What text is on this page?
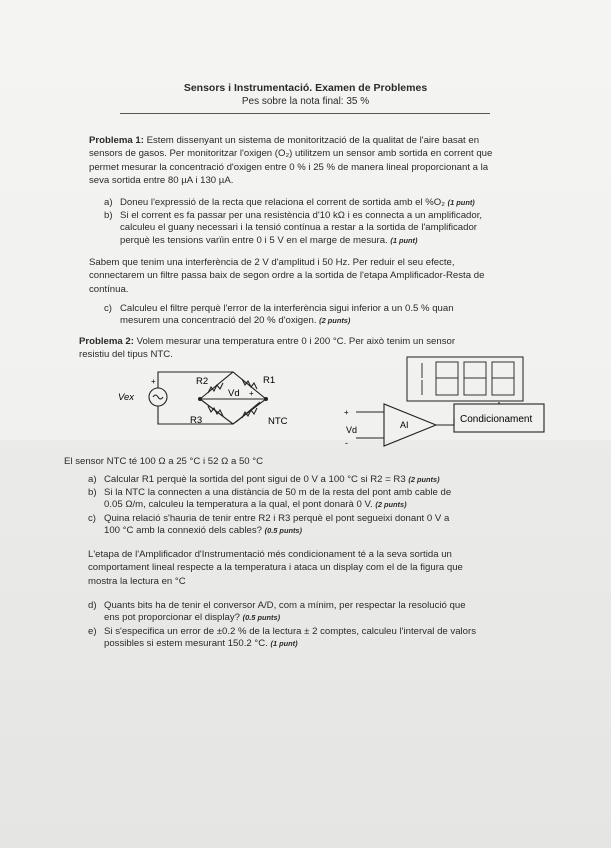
Sensors i Instrumentació. Examen de Problemes
Pes sobre la nota final: 35 %
Problema 1: Estem dissenyant un sistema de monitorització de la qualitat de l'aire basat en
sensors de gasos. Per monitoritzar l'oxigen (O₂) utilitzem un sensor amb sortida en corrent que
permet mesurar la concentració d'oxigen entre 0 % i 25 % de manera lineal proporcionant a la
seva sortida entre 80 µA i 130 µA.
a) Doneu l'expressió de la recta que relaciona el corrent de sortida amb el %O₂ (1 punt)
b) Si el corrent es fa passar per una resistència d'10 kΩ i es connecta a un amplificador,
calculeu el guany necessari i la tensió contínua a restar a la sortida de l'amplificador
perquè les tensions varïin entre 0 i 5 V en el marge de mesura. (1 punt)
Sabem que tenim una interferència de 2 V d'amplitud i 50 Hz. Per reduir el seu efecte,
connectarem un filtre passa baix de segon ordre a la sortida de l'etapa Amplificador-Resta de
contínua.
c) Calculeu el filtre perquè l'error de la interferència sigui inferior a un 0.5 % quan
mesurem una concentració del 20 % d'oxigen. (2 punts)
Problema 2: Volem mesurar una temperatura entre 0 i 200 °C. Per això tenim un sensor
resistiu del tipus NTC.
+
Vex
R2	R1
R3	NTC
Vd +
+
-
Vd	AI	Condicionament
El sensor NTC té 100 Ω a 25 °C i 52 Ω a 50 °C
a) Calcular R1 perquè la sortida del pont sigui de 0 V a 100 °C si R2 = R3 (2 punts)
b) Si la NTC la connecten a una distància de 50 m de la resta del pont amb cable de
0.05 Ω/m, calculeu la temperatura a la qual, el pont donarà 0 V. (2 punts)
c) Quina relació s'hauria de tenir entre R2 i R3 perquè el pont segueixi donant 0 V a
100 °C amb la connexió dels cables? (0.5 punts)
L'etapa de l'Amplificador d'Instrumentació més condicionament té a la seva sortida un
comportament lineal respecte a la temperatura i ataca un display com el de la figura que
mostra la lectura en °C
d) Quants bits ha de tenir el conversor A/D, com a mínim, per respectar la resolució que
ens pot proporcionar el display? (0.5 punts)
e) Si s'especifica un error de ±0.2 % de la lectura ± 2 comptes, calculeu l'interval de valors
possibles si estem mesurant 150.2 °C. (1 punt)
